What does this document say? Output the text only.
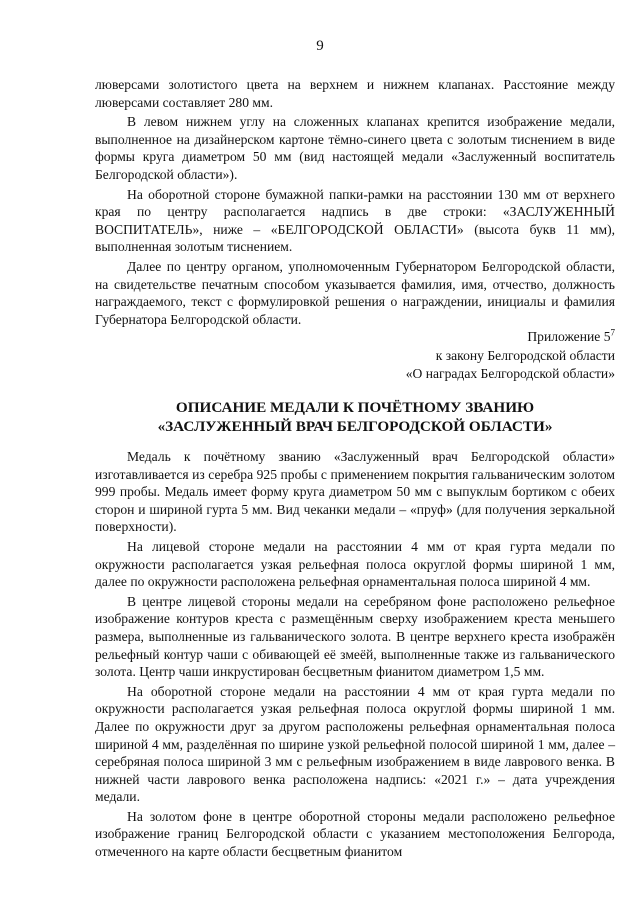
9

люверсами золотистого цвета на верхнем и нижнем клапанах. Расстояние между люверсами составляет 280 мм.

В левом нижнем углу на сложенных клапанах крепится изображение медали, выполненное на дизайнерском картоне тёмно-синего цвета с золотым тиснением в виде формы круга диаметром 50 мм (вид настоящей медали «Заслуженный воспитатель Белгородской области»).

На оборотной стороне бумажной папки-рамки на расстоянии 130 мм от верхнего края по центру располагается надпись в две строки: «ЗАСЛУЖЕННЫЙ ВОСПИТАТЕЛЬ», ниже – «БЕЛГОРОДСКОЙ ОБЛАСТИ» (высота букв 11 мм), выполненная золотым тиснением.

Далее по центру органом, уполномоченным Губернатором Белгородской области, на свидетельстве печатным способом указывается фамилия, имя, отчество, должность награждаемого, текст с формулировкой решения о награждении, инициалы и фамилия Губернатора Белгородской области.

Приложение $5^7$
к закону Белгородской области
«О наградах Белгородской области»
ОПИСАНИЕ МЕДАЛИ К ПОЧЁТНОМУ ЗВАНИЮ
«ЗАСЛУЖЕННЫЙ ВРАЧ БЕЛГОРОДСКОЙ ОБЛАСТИ»

Медаль к почётному званию «Заслуженный врач Белгородской области» изготавливается из серебра 925 пробы с применением покрытия гальваническим золотом 999 пробы. Медаль имеет форму круга диаметром 50 мм с выпуклым бортиком с обеих сторон и шириной гурта 5 мм. Вид чеканки медали – «пруф» (для получения зеркальной поверхности).

На лицевой стороне медали на расстоянии 4 мм от края гурта медали по окружности располагается узкая рельефная полоса округлой формы шириной 1 мм, далее по окружности расположена рельефная орнаментальная полоса шириной 4 мм.

В центре лицевой стороны медали на серебряном фоне расположено рельефное изображение контуров креста с размещённым сверху изображением креста меньшего размера, выполненные из гальванического золота. В центре верхнего креста изображён рельефный контур чаши с обивающей её змеёй, выполненные также из гальванического золота. Центр чаши инкрустирован бесцветным фианитом диаметром 1,5 мм.

На оборотной стороне медали на расстоянии 4 мм от края гурта медали по окружности располагается узкая рельефная полоса округлой формы шириной 1 мм. Далее по окружности друг за другом расположены рельефная орнаментальная полоса шириной 4 мм, разделённая по ширине узкой рельефной полосой шириной 1 мм, далее – серебряная полоса шириной 3 мм с рельефным изображением в виде лаврового венка. В нижней части лаврового венка расположена надпись: «2021 г.» – дата учреждения медали.

На золотом фоне в центре оборотной стороны медали расположено рельефное изображение границ Белгородской области с указанием местоположения Белгорода, отмеченного на карте области бесцветным фианитом
